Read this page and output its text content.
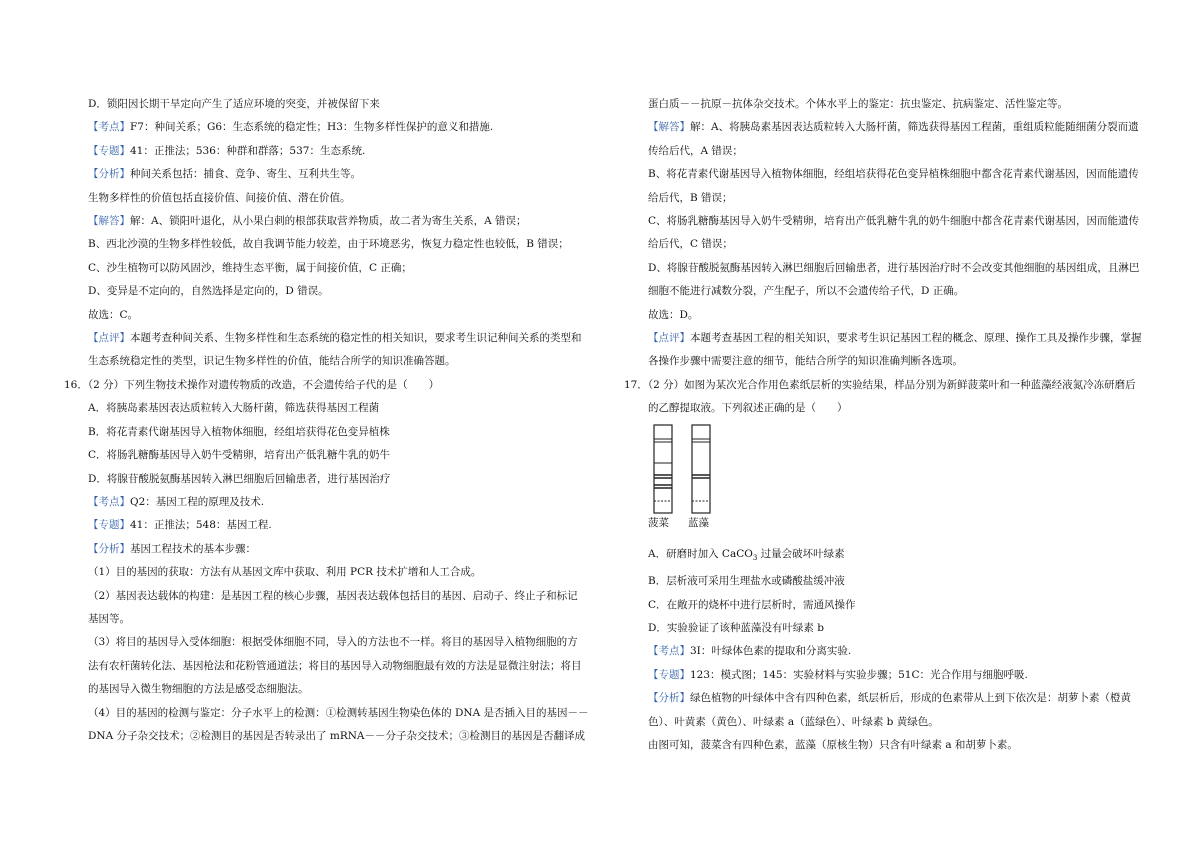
D．锁阳因长期干旱定向产生了适应环境的突变，并被保留下来
【考点】F7：种间关系；G6：生态系统的稳定性；H3：生物多样性保护的意义和措施.
【专题】41：正推法；536：种群和群落；537：生态系统.
【分析】种间关系包括：捕食、竞争、寄生、互利共生等。
生物多样性的价值包括直接价值、间接价值、潜在价值。
【解答】解：A、锁阳叶退化，从小果白刺的根部获取营养物质，故二者为寄生关系，A 错误；
B、西北沙漠的生物多样性较低，故自我调节能力较差，由于环境恶劣，恢复力稳定性也较低，B 错误；
C、沙生植物可以防风固沙，维持生态平衡，属于间接价值，C 正确；
D、变异是不定向的，自然选择是定向的，D 错误。
故选：C。
【点评】本题考查种间关系、生物多样性和生态系统的稳定性的相关知识，要求考生识记种间关系的类型和
生态系统稳定性的类型，识记生物多样性的价值，能结合所学的知识准确答题。
16．（2 分）下列生物技术操作对遗传物质的改造，不会遗传给子代的是（　　）
A．将胰岛素基因表达质粒转入大肠杆菌，筛选获得基因工程菌
B．将花青素代谢基因导入植物体细胞，经组培获得花色变异植株
C．将肠乳糖酶基因导入奶牛受精卵，培育出产低乳糖牛乳的奶牛
D．将腺苷酸脱氨酶基因转入淋巴细胞后回输患者，进行基因治疗
【考点】Q2：基因工程的原理及技术.
【专题】41：正推法；548：基因工程.
【分析】基因工程技术的基本步骤：
（1）目的基因的获取：方法有从基因文库中获取、利用 PCR 技术扩增和人工合成。
（2）基因表达载体的构建：是基因工程的核心步骤，基因表达载体包括目的基因、启动子、终止子和标记
基因等。
（3）将目的基因导入受体细胞：根据受体细胞不同，导入的方法也不一样。将目的基因导入植物细胞的方
法有农杆菌转化法、基因枪法和花粉管通道法；将目的基因导入动物细胞最有效的方法是显微注射法；将目
的基因导入微生物细胞的方法是感受态细胞法。
（4）目的基因的检测与鉴定：分子水平上的检测：①检测转基因生物染色体的 DNA 是否插入目的基因－－
DNA 分子杂交技术；②检测目的基因是否转录出了 mRNA－－分子杂交技术；③检测目的基因是否翻译成
蛋白质－－抗原－抗体杂交技术。个体水平上的鉴定：抗虫鉴定、抗病鉴定、活性鉴定等。
【解答】解：A、将胰岛素基因表达质粒转入大肠杆菌，筛选获得基因工程菌，重组质粒能随细菌分裂而遗
传给后代，A 错误；
B、将花青素代谢基因导入植物体细胞，经组培获得花色变异植株细胞中都含花青素代谢基因，因而能遗传
给后代，B 错误；
C、将肠乳糖酶基因导入奶牛受精卵，培育出产低乳糖牛乳的奶牛细胞中都含花青素代谢基因，因而能遗传
给后代，C 错误；
D、将腺苷酸脱氨酶基因转入淋巴细胞后回输患者，进行基因治疗时不会改变其他细胞的基因组成，且淋巴
细胞不能进行减数分裂，产生配子，所以不会遗传给子代，D 正确。
故选：D。
【点评】本题考查基因工程的相关知识，要求考生识记基因工程的概念、原理、操作工具及操作步骤，掌握
各操作步骤中需要注意的细节，能结合所学的知识准确判断各选项。
17．（2 分）如图为某次光合作用色素纸层析的实验结果，样品分别为新鲜菠菜叶和一种蓝藻经液氮冷冻研磨后
的乙醇提取液。下列叙述正确的是（　　）
菠菜 蓝藻
A．研磨时加入 CaCO$_3$ 过量会破坏叶绿素
B．层析液可采用生理盐水或磷酸盐缓冲液
C．在敞开的烧杯中进行层析时，需通风操作
D．实验验证了该种蓝藻没有叶绿素 b
【考点】3I：叶绿体色素的提取和分离实验.
【专题】123：模式图；145：实验材料与实验步骤；51C：光合作用与细胞呼吸.
【分析】绿色植物的叶绿体中含有四种色素，纸层析后，形成的色素带从上到下依次是：胡萝卜素（橙黄
色）、叶黄素（黄色）、叶绿素 a（蓝绿色）、叶绿素 b 黄绿色。
由图可知，菠菜含有四种色素，蓝藻（原核生物）只含有叶绿素 a 和胡萝卜素。
